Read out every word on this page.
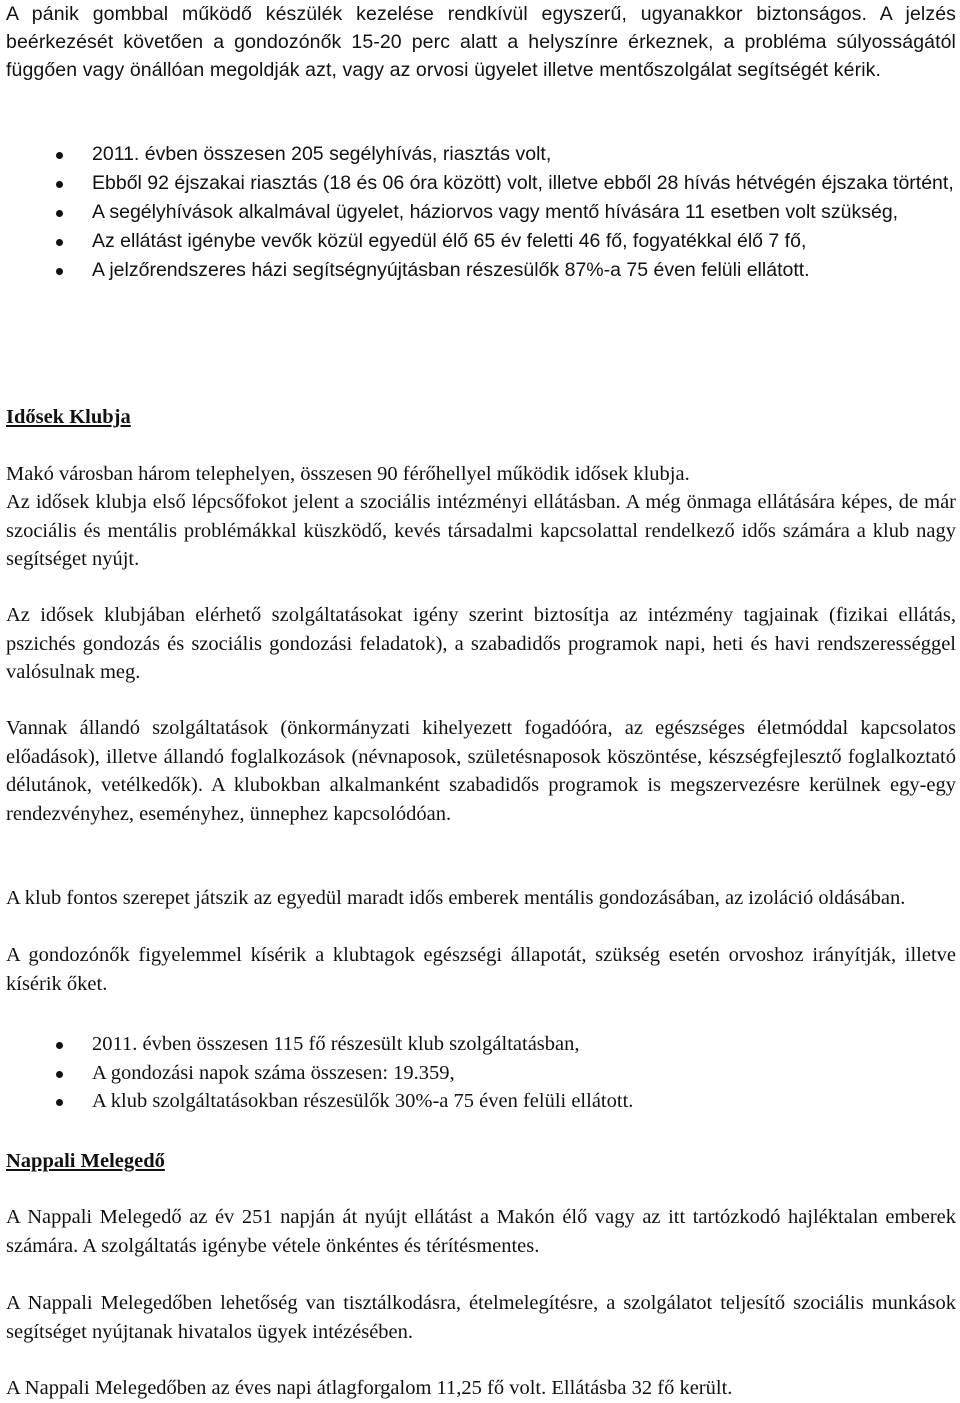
A pánik gombbal működő készülék kezelése rendkívül egyszerű, ugyanakkor biztonságos. A jelzés beérkezését követően a gondozónők 15-20 perc alatt a helyszínre érkeznek, a probléma súlyosságától függően vagy önállóan megoldják azt, vagy az orvosi ügyelet illetve mentőszolgálat segítségét kérik.

2011. évben összesen 205 segélyhívás, riasztás volt,
Ebből 92 éjszakai riasztás (18 és 06 óra között) volt, illetve ebből 28 hívás hétvégén éjszaka történt,
A segélyhívások alkalmával ügyelet, háziorvos vagy mentő hívására 11 esetben volt szükség,
Az ellátást igénybe vevők közül egyedül élő 65 év feletti 46 fő, fogyatékkal élő 7 fő,
A jelzőrendszeres házi segítségnyújtásban részesülők 87%-a 75 éven felüli ellátott.
Idősek Klubja

Makó városban három telephelyen, összesen 90 férőhellyel működik idősek klubja.

Az idősek klubja első lépcsőfokot jelent a szociális intézményi ellátásban. A még önmaga ellátására képes, de már szociális és mentális problémákkal küszködő, kevés társadalmi kapcsolattal rendelkező idős számára a klub nagy segítséget nyújt.

Az idősek klubjában elérhető szolgáltatásokat igény szerint biztosítja az intézmény tagjainak (fizikai ellátás, pszichés gondozás és szociális gondozási feladatok), a szabadidős programok napi, heti és havi rendszerességgel valósulnak meg.

Vannak állandó szolgáltatások (önkormányzati kihelyezett fogadóóra, az egészséges életmóddal kapcsolatos előadások), illetve állandó foglalkozások (névnaposok, születésnaposok köszöntése, készségfejlesztő foglalkoztató délutánok, vetélkedők). A klubokban alkalmanként szabadidős programok is megszervezésre kerülnek egy-egy rendezvényhez, eseményhez, ünnephez kapcsolódóan.

A klub fontos szerepet játszik az egyedül maradt idős emberek mentális gondozásában, az izoláció oldásában.

A gondozónők figyelemmel kísérik a klubtagok egészségi állapotát, szükség esetén orvoshoz irányítják, illetve kísérik őket.

2011. évben összesen 115 fő részesült klub szolgáltatásban,
A gondozási napok száma összesen: 19.359,
A klub szolgáltatásokban részesülők 30%-a 75 éven felüli ellátott.
Nappali Melegedő

A Nappali Melegedő az év 251 napján át nyújt ellátást a Makón élő vagy az itt tartózkodó hajléktalan emberek számára. A szolgáltatás igénybe vétele önkéntes és térítésmentes.

A Nappali Melegedőben lehetőség van tisztálkodásra, ételmelegítésre, a szolgálatot teljesítő szociális munkások segítséget nyújtanak hivatalos ügyek intézésében.

A Nappali Melegedőben az éves napi átlagforgalom 11,25 fő volt. Ellátásba 32 fő került.
